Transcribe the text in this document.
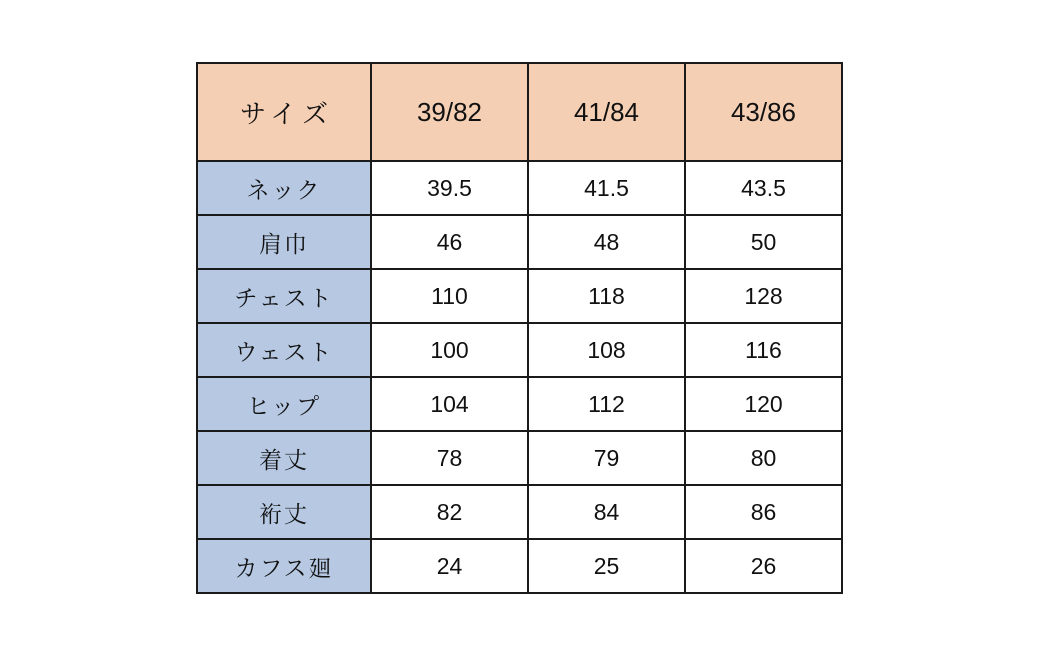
サイズ	39/82	41/84	43/86
ネック	39.5	41.5	43.5
肩巾	46	48	50
チェスト	110	118	128
ウェスト	100	108	116
ヒップ	104	112	120
着丈	78	79	80
裄丈	82	84	86
カフス廻	24	25	26
